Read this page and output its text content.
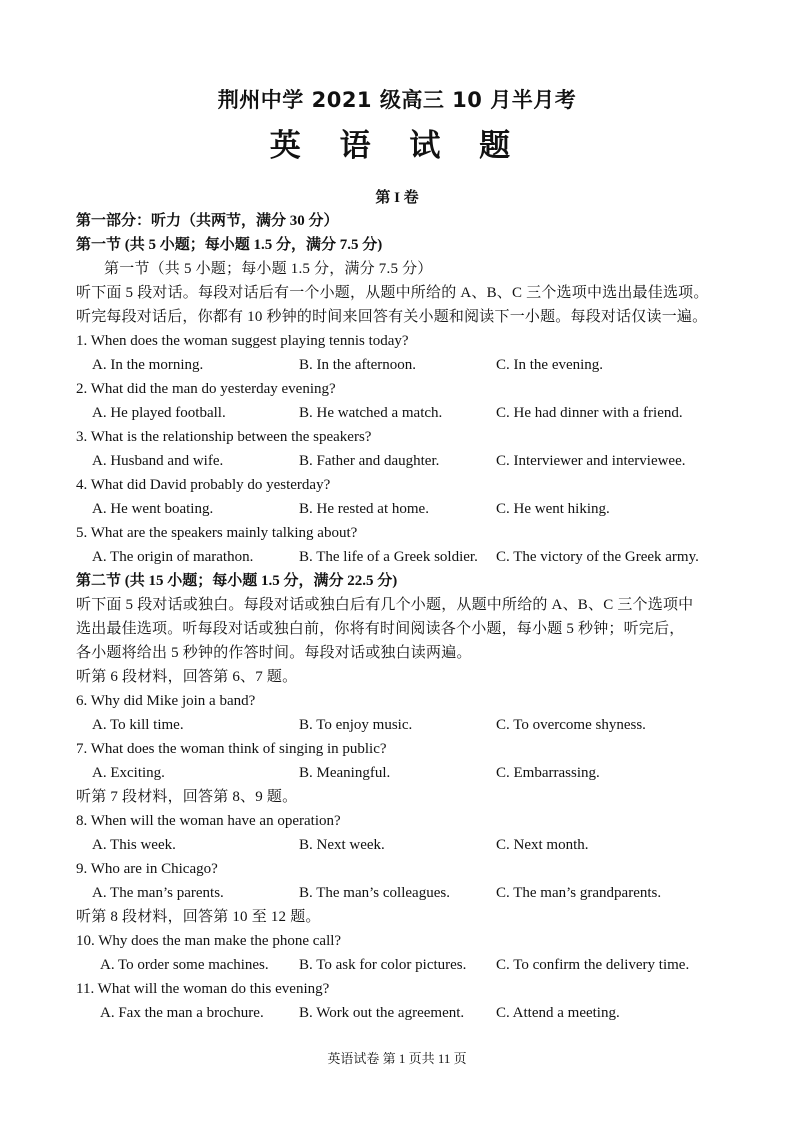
荆州中学 2021 级高三 10 月半月考
英 语 试 题
第 I 卷
第一部分：听力（共两节，满分 30 分）
第一节 (共 5 小题；每小题 1.5 分，满分 7.5 分)
第一节（共 5 小题；每小题 1.5 分，满分 7.5 分）
听下面 5 段对话。每段对话后有一个小题，从题中所给的 A、B、C 三个选项中选出最佳选项。
听完每段对话后，你都有 10 秒钟的时间来回答有关小题和阅读下一小题。每段对话仅读一遍。
1. When does the woman suggest playing tennis today?
A. In the morning.	B. In the afternoon.	C. In the evening.
2. What did the man do yesterday evening?
A. He played football.	B. He watched a match.	C. He had dinner with a friend.
3. What is the relationship between the speakers?
A. Husband and wife.	B. Father and daughter.	C. Interviewer and interviewee.
4. What did David probably do yesterday?
A. He went boating.	B. He rested at home.	C. He went hiking.
5. What are the speakers mainly talking about?
A. The origin of marathon.	B. The life of a Greek soldier. C. The victory of the Greek army.
第二节 (共 15 小题；每小题 1.5 分，满分 22.5 分)
听下面 5 段对话或独白。每段对话或独白后有几个小题，从题中所给的 A、B、C 三个选项中
选出最佳选项。听每段对话或独白前，你将有时间阅读各个小题，每小题 5 秒钟；听完后，
各小题将给出 5 秒钟的作答时间。每段对话或独白读两遍。
听第 6 段材料，回答第 6、7 题。
6. Why did Mike join a band?
A. To kill time.	B. To enjoy music.	C. To overcome shyness.
7. What does the woman think of singing in public?
A. Exciting.	B. Meaningful.	C. Embarrassing.
听第 7 段材料，回答第 8、9 题。
8. When will the woman have an operation?
A. This week.	B. Next week.	C. Next month.
9. Who are in Chicago?
A. The man’s parents.	B. The man’s colleagues.	C. The man’s grandparents.
听第 8 段材料，回答第 10 至 12 题。
10. Why does the man make the phone call?
A. To order some machines. B. To ask for color pictures. C. To confirm the delivery time.
11. What will the woman do this evening?
A. Fax the man a brochure. B. Work out the agreement. C. Attend a meeting.
英语试卷 第 1 页共 11 页
